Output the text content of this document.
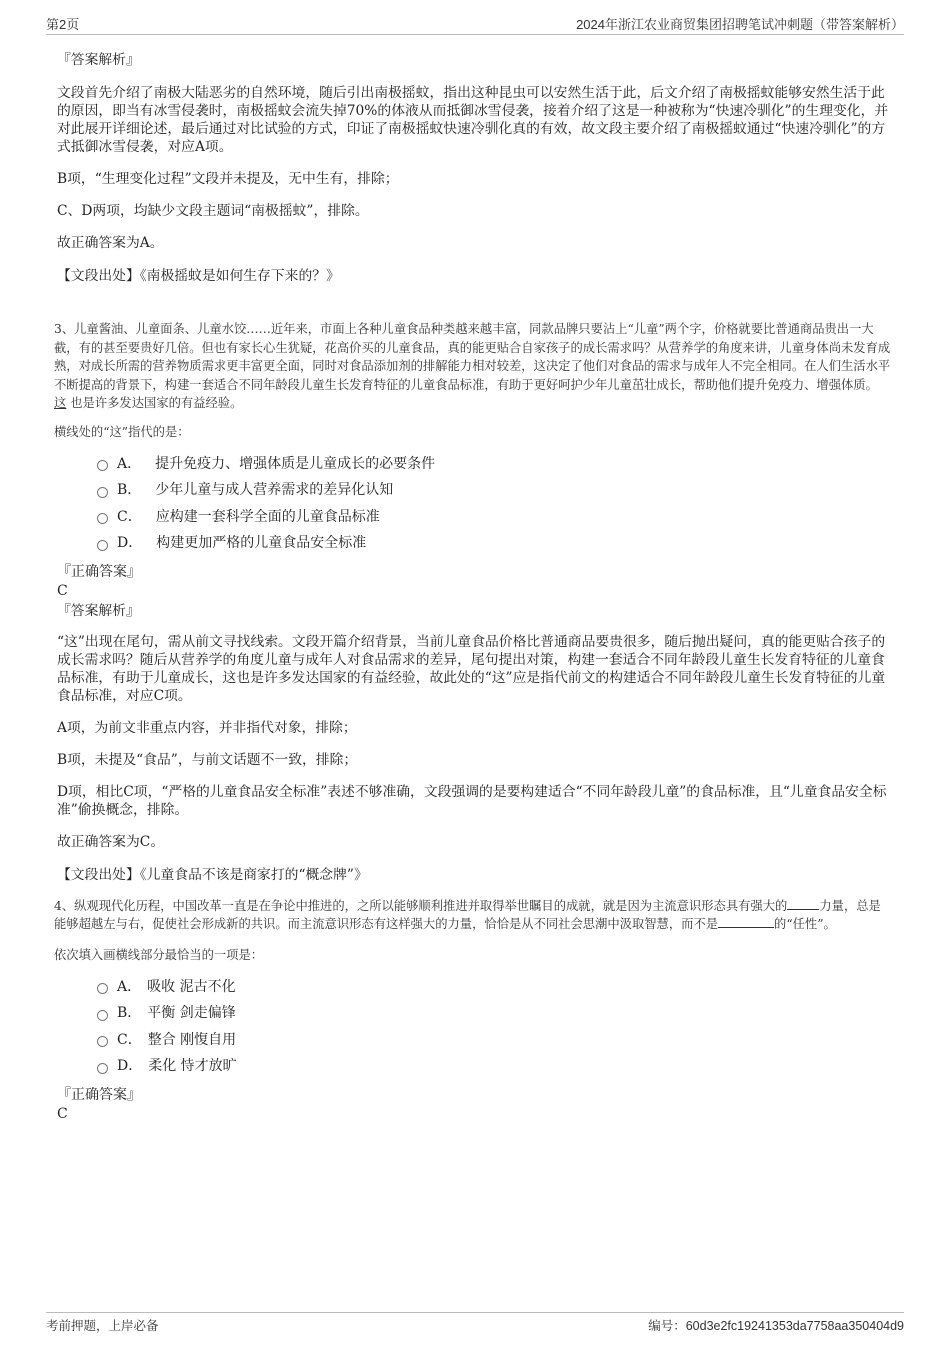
第2页	2024年浙江农业商贸集团招聘笔试冲刺题（带答案解析）
『答案解析』
文段首先介绍了南极大陆恶劣的自然环境，随后引出南极摇蚊，指出这种昆虫可以安然生活于此，后文介绍了南极摇蚊能够安然生活于此的原因，即当有冰雪侵袭时，南极摇蚊会流失掉70%的体液从而抵御冰雪侵袭，接着介绍了这是一种被称为“快速冷驯化”的生理变化，并对此展开详细论述，最后通过对比试验的方式，印证了南极摇蚊快速冷驯化真的有效，故文段主要介绍了南极摇蚊通过“快速冷驯化”的方式抵御冰雪侵袭，对应A项。
B项，“生理变化过程”文段并未提及，无中生有，排除；
C、D两项，均缺少文段主题词“南极摇蚊”，排除。
故正确答案为A。
【文段出处】《南极摇蚊是如何生存下来的？》
3、儿童酱油、儿童面条、儿童水饺……近年来，市面上各种儿童食品种类越来越丰富，同款品牌只要沾上“儿童”两个字，价格就要比普通商品贵出一大截，有的甚至要贵好几倍。但也有家长心生犹疑，花高价买的儿童食品，真的能更贴合自家孩子的成长需求吗？从营养学的角度来讲，儿童身体尚未发育成熟，对成长所需的营养物质需求更丰富更全面，同时对食品添加剂的排解能力相对较差，这决定了他们对食品的需求与成年人不完全相同。在人们生活水平不断提高的背景下，构建一套适合不同年龄段儿童生长发育特征的儿童食品标准，有助于更好呵护少年儿童茁壮成长，帮助他们提升免疫力、增强体质。 这 也是许多发达国家的有益经验。
横线处的“这”指代的是：
A． 提升免疫力、增强体质是儿童成长的必要条件
B． 少年儿童与成人营养需求的差异化认知
C． 应构建一套科学全面的儿童食品标准
D． 构建更加严格的儿童食品安全标准
『正确答案』
C
『答案解析』
“这”出现在尾句，需从前文寻找线索。文段开篇介绍背景，当前儿童食品价格比普通商品要贵很多，随后抛出疑问，真的能更贴合孩子的成长需求吗？随后从营养学的角度儿童与成年人对食品需求的差异，尾句提出对策，构建一套适合不同年龄段儿童生长发育特征的儿童食品标准，有助于儿童成长，这也是许多发达国家的有益经验，故此处的“这”应是指代前文的构建适合不同年龄段儿童生长发育特征的儿童食品标准，对应C项。
A项，为前文非重点内容，并非指代对象，排除；
B项，未提及“食品”，与前文话题不一致，排除；
D项，相比C项，“严格的儿童食品安全标准”表述不够准确，文段强调的是要构建适合“不同年龄段儿童”的食品标准，且“儿童食品安全标准”偷换概念，排除。
故正确答案为C。
【文段出处】《儿童食品不该是商家打的“概念牌”》
4、纵观现代化历程，中国改革一直是在争论中推进的，之所以能够顺利推进并取得举世瞩目的成就，就是因为主流意识形态具有强大的	力量，总是能够超越左与右，促使社会形成新的共识。而主流意识形态有这样强大的力量，恰恰是从不同社会思潮中汲取智慧，而不是	的“任性”。
依次填入画横线部分最恰当的一项是：
A． 吸收 泥古不化
B． 平衡 剑走偏锋
C． 整合 刚愎自用
D． 柔化 恃才放旷
『正确答案』
C
考前押题，上岸必备	编号：60d3e2fc19241353da7758aa350404d9
